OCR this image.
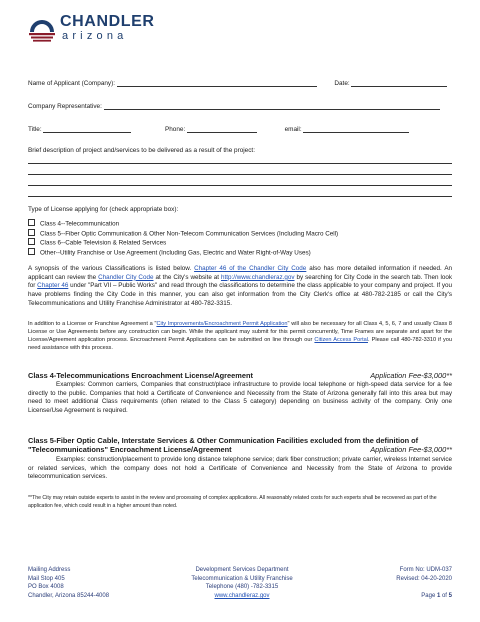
CHANDLER
arizona
Name of Applicant (Company):	Date:
Company Representative:
Title:	Phone:	email:
Brief description of project and/services to be delivered as a result of the project:
Type of License applying for (check appropriate box):
Class 4--Telecommunication
Class 5--Fiber Optic Communication & Other Non-Telecom Communication Services (Including Macro Cell)
Class 6--Cable Television & Related Services
Other--Utility Franchise or Use Agreement (Including Gas, Electric and Water Right-of-Way Uses)
A synopsis of the various Classifications is listed below. Chapter 46 of the Chandler City Code also has more detailed information if needed. An applicant can review the Chandler City Code at the City's website at http://www.chandleraz.gov by searching for City Code in the search tab. Then look for Chapter 46 under "Part VII – Public Works" and read through the classifications to determine the class applicable to your company and project. If you have problems finding the City Code in this manner, you can also get information from the City Clerk's office at 480-782-2185 or call the City's Telecommunications and Utility Franchise Administrator at 480-782-3315.
In addition to a License or Franchise Agreement a "City Improvements/Encroachment Permit Application" will also be necessary for all Class 4, 5, 6, 7 and usually Class 8 License or Use Agreements before any construction can begin. While the applicant may submit for this permit concurrently, Time Frames are separate and apart for the License/Agreement application process. Encroachment Permit Applications can be submitted on line through our Citizen Access Portal. Please call 480-782-3310 if you need assistance with this process.
Class 4-Telecommunications Encroachment License/Agreement	Application Fee-$3,000**
Examples: Common carriers, Companies that construct/place infrastructure to provide local telephone or high-speed data service for a fee directly to the public. Companies that hold a Certificate of Convenience and Necessity from the State of Arizona generally fall into this area but may need to meet additional Class requirements (often related to the Class 5 category) depending on business activity of the company. Only one License/Use Agreement is required.
Class 5-Fiber Optic Cable, Interstate Services & Other Communication Facilities excluded from the definition of "Telecommunications" Encroachment License/Agreement	Application Fee-$3,000**
Examples: construction/placement to provide long distance telephone service; dark fiber construction; private carrier, wireless Internet service or related services, which the company does not hold a Certificate of Convenience and Necessity from the State of Arizona to provide telecommunication services.
**The City may retain outside experts to assist in the review and processing of complex applications. All reasonably related costs for such experts shall be recovered as part of the application fee, which could result in a higher amount than noted.
Mailing Address
Mail Stop 405
PO Box 4008
Chandler, Arizona 85244-4008
Development Services Department
Telecommunication & Utility Franchise
Telephone (480) -782-3315
www.chandleraz.gov
Form No: UDM-037
Revised: 04-20-2020

Page 1 of 5
